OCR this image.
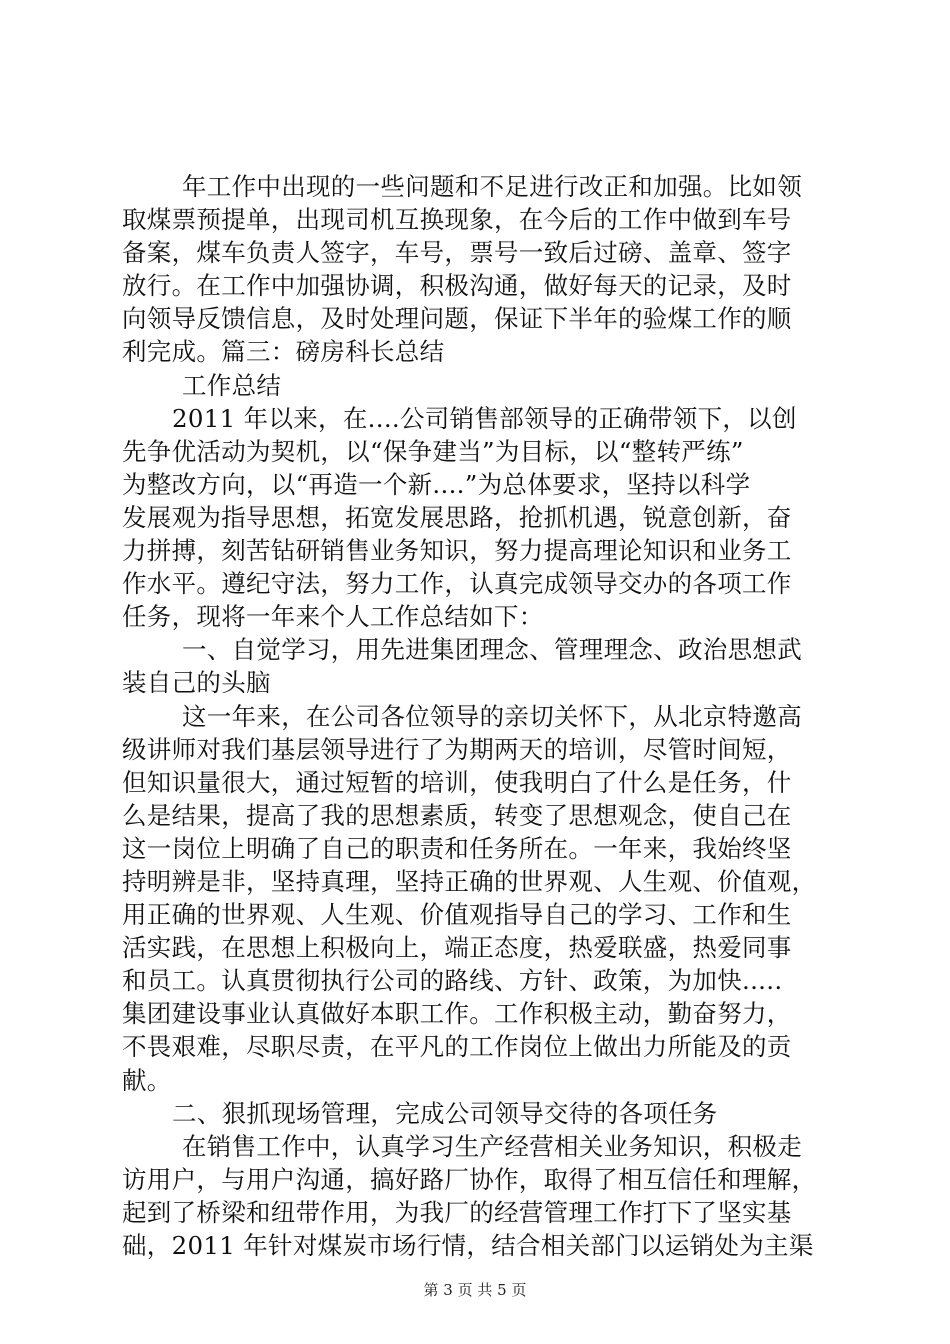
年工作中出现的一些问题和不足进行改正和加强。比如领
取煤票预提单，出现司机互换现象，在今后的工作中做到车号
备案，煤车负责人签字，车号，票号一致后过磅、盖章、签字
放行。在工作中加强协调，积极沟通，做好每天的记录，及时
向领导反馈信息，及时处理问题，保证下半年的验煤工作的顺
利完成。篇三：磅房科长总结
工作总结
2011 年以来，在....公司销售部领导的正确带领下，以创
先争优活动为契机，以“保争建当”为目标，以“整转严练”
为整改方向，以“再造一个新....”为总体要求，坚持以科学
发展观为指导思想，拓宽发展思路，抢抓机遇，锐意创新，奋
力拼搏，刻苦钻研销售业务知识，努力提高理论知识和业务工
作水平。遵纪守法，努力工作，认真完成领导交办的各项工作
任务，现将一年来个人工作总结如下：
一、自觉学习，用先进集团理念、管理理念、政治思想武
装自己的头脑
这一年来，在公司各位领导的亲切关怀下，从北京特邀高
级讲师对我们基层领导进行了为期两天的培训，尽管时间短，
但知识量很大，通过短暂的培训，使我明白了什么是任务，什
么是结果，提高了我的思想素质，转变了思想观念，使自己在
这一岗位上明确了自己的职责和任务所在。一年来，我始终坚
持明辨是非，坚持真理，坚持正确的世界观、人生观、价值观，
用正确的世界观、人生观、价值观指导自己的学习、工作和生
活实践，在思想上积极向上，端正态度，热爱联盛，热爱同事
和员工。认真贯彻执行公司的路线、方针、政策，为加快.....
集团建设事业认真做好本职工作。工作积极主动，勤奋努力，
不畏艰难，尽职尽责，在平凡的工作岗位上做出力所能及的贡
献。
二、狠抓现场管理，完成公司领导交待的各项任务
在销售工作中，认真学习生产经营相关业务知识，积极走
访用户，与用户沟通，搞好路厂协作，取得了相互信任和理解，
起到了桥梁和纽带作用，为我厂的经营管理工作打下了坚实基
础，2011 年针对煤炭市场行情，结合相关部门以运销处为主渠
第 3 页 共 5 页
